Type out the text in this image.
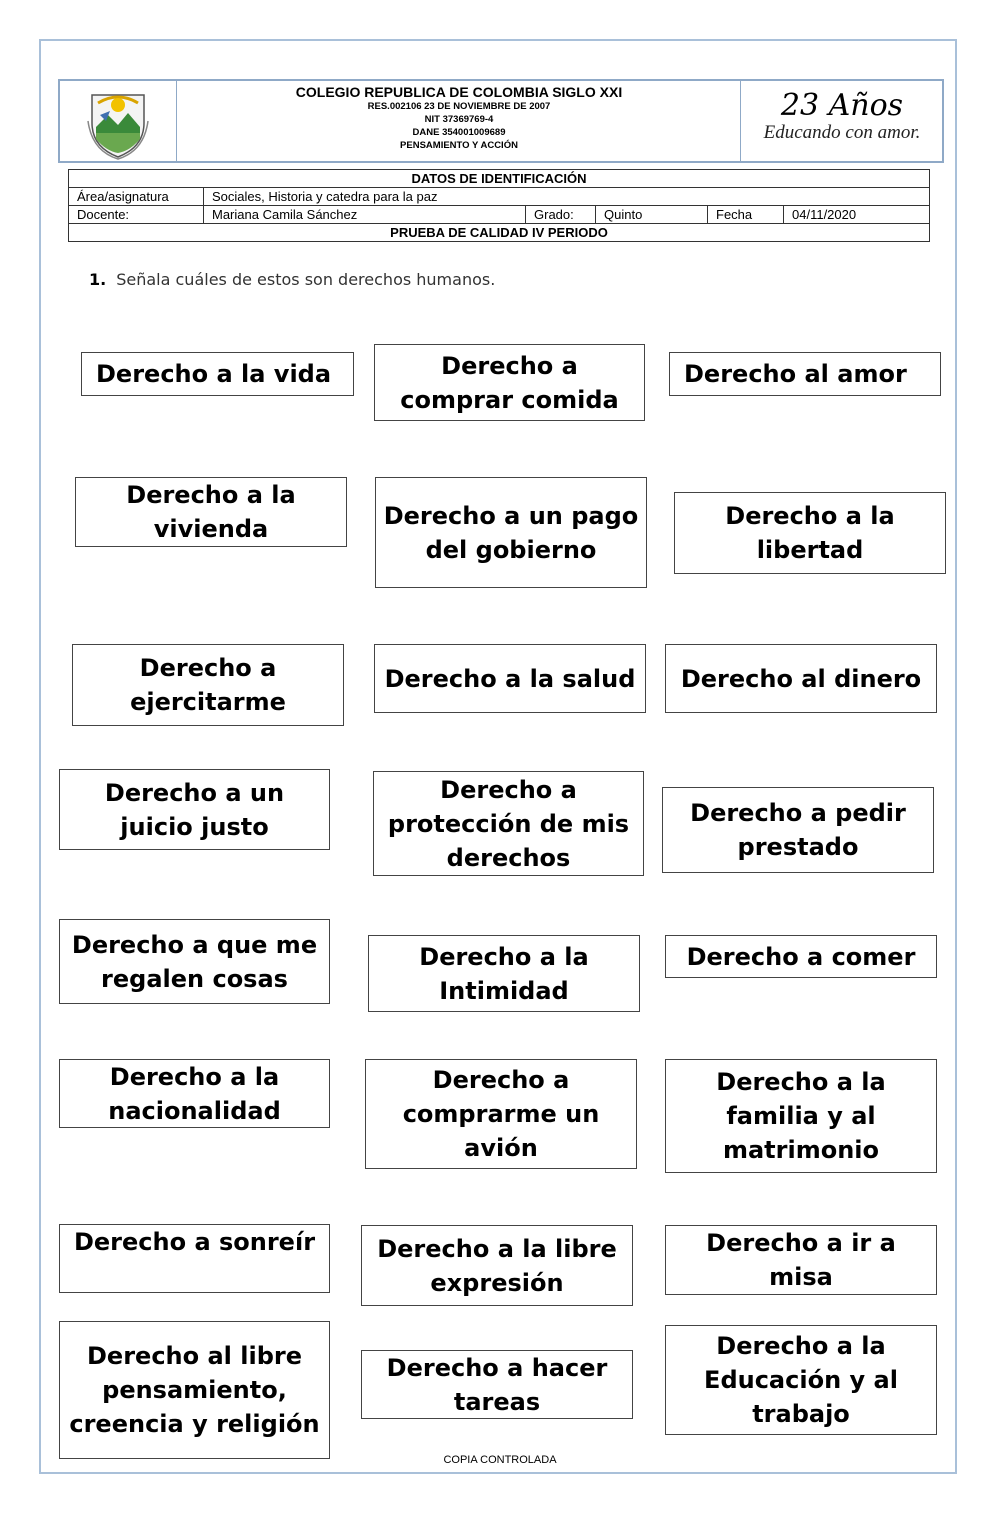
COLEGIO REPUBLICA DE COLOMBIA SIGLO XXI
RES.002106 23 DE NOVIEMBRE DE 2007
NIT 37369769-4
DANE 354001009689
PENSAMIENTO Y ACCIÓN
23 Años
Educando con amor.
DATOS DE IDENTIFICACIÓN					
Área/asignatura	Sociales, Historia y catedra para la paz				
Docente:	Mariana Camila Sánchez	Grado:	Quinto	Fecha	04/11/2020
PRUEBA DE CALIDAD IV PERIODO					
1. Señala cuáles de estos son derechos humanos.
Derecho a la vida	Derecho a comprar comida
Derecho al amor
Derecho a la vivienda	Derecho a un pago del gobierno
Derecho a la libertad
Derecho a ejercitarme
Derecho a la salud Derecho al dinero
Derecho a un juicio justo
Derecho a protección de mis derechos
Derecho a pedir prestado
Derecho a que me regalen cosas
Derecho a la Intimidad
Derecho a comer
Derecho a la nacionalidad
Derecho a comprarme un avión
Derecho a la familia y al matrimonio
Derecho a sonreír	Derecho a la libre expresión
Derecho a ir a misa
Derecho al libre pensamiento, creencia y religión
Derecho a hacer tareas
Derecho a la Educación y al trabajo
COPIA CONTROLADA
